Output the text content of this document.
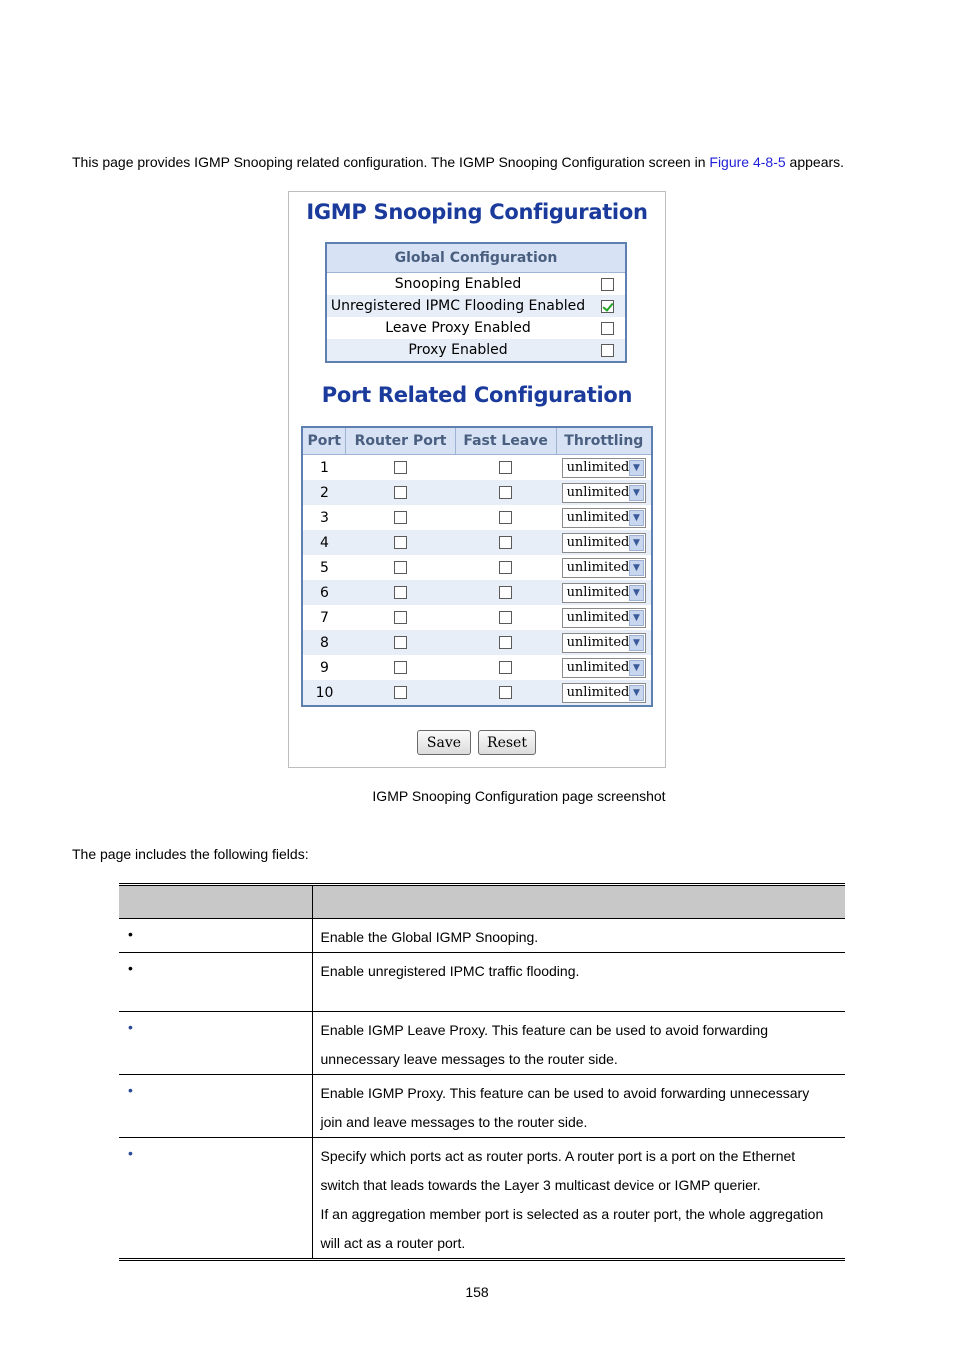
This page provides IGMP Snooping related configuration. The IGMP Snooping Configuration screen in Figure 4-8-5 appears.
IGMP Snooping Configuration
Global Configuration	
Snooping Enabled	
Unregistered IPMC Flooding Enabled	
Leave Proxy Enabled	
Proxy Enabled	
Port Related Configuration
Port	Router Port	Fast Leave	Throttling
1			unlimited ▼

2			unlimited ▼

3			unlimited ▼

4			unlimited ▼

5			unlimited ▼

6			unlimited ▼

7			unlimited ▼

8			unlimited ▼

9			unlimited ▼

10			unlimited ▼
Save	Reset
IGMP Snooping Configuration page screenshot
The page includes the following fields:

•	Enable the Global IGMP Snooping.

•	Enable unregistered IPMC traffic flooding.

•	Enable IGMP Leave Proxy. This feature can be used to avoid forwarding
unnecessary leave messages to the router side.

•	Enable IGMP Proxy. This feature can be used to avoid forwarding unnecessary
join and leave messages to the router side.

•	Specify which ports act as router ports. A router port is a port on the Ethernet
switch that leads towards the Layer 3 multicast device or IGMP querier.
If an aggregation member port is selected as a router port, the whole aggregation
will act as a router port.
158
